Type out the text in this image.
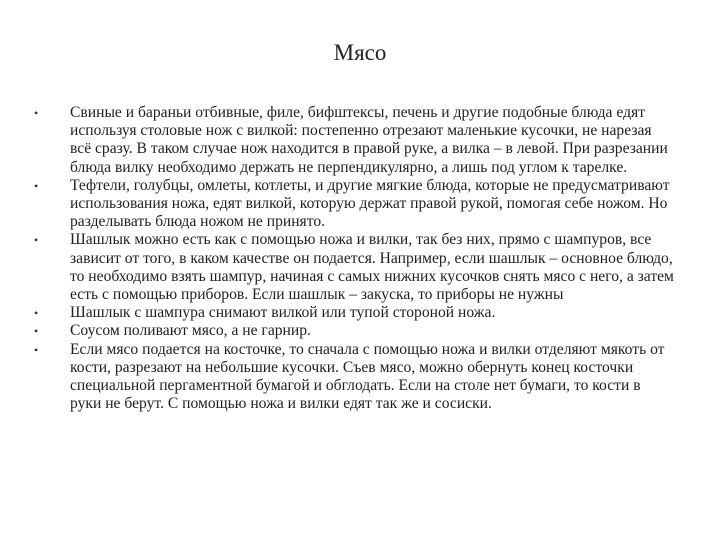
Мясо
•	Свиные и бараньи отбивные, филе, бифштексы, печень и другие подобные блюда едят используя столовые нож с вилкой: постепенно отрезают маленькие кусочки, не нарезая всё сразу. В таком случае нож находится в правой руке, а вилка – в левой. При разрезании блюда вилку необходимо держать не перпендикулярно, а лишь под углом к тарелке.
•	Тефтели, голубцы, омлеты, котлеты, и другие мягкие блюда, которые не предусматривают использования ножа, едят вилкой, которую держат правой рукой, помогая себе ножом. Но разделывать блюда ножом не принято.
•	Шашлык можно есть как с помощью ножа и вилки, так без них, прямо с шампуров, все зависит от того, в каком качестве он подается. Например, если шашлык – основное блюдо, то необходимо взять шампур, начиная с самых нижних кусочков снять мясо с него, а затем есть с помощью приборов. Если шашлык – закуска, то приборы не нужны
•	Шашлык с шампура снимают вилкой или тупой стороной ножа.
•	Соусом поливают мясо, а не гарнир.
•	Если мясо подается на косточке, то сначала с помощью ножа и вилки отделяют мякоть от кости, разрезают на небольшие кусочки. Съев мясо, можно обернуть конец косточки специальной пергаментной бумагой и обглодать. Если на столе нет бумаги, то кости в руки не берут. С помощью ножа и вилки едят так же и сосиски.
